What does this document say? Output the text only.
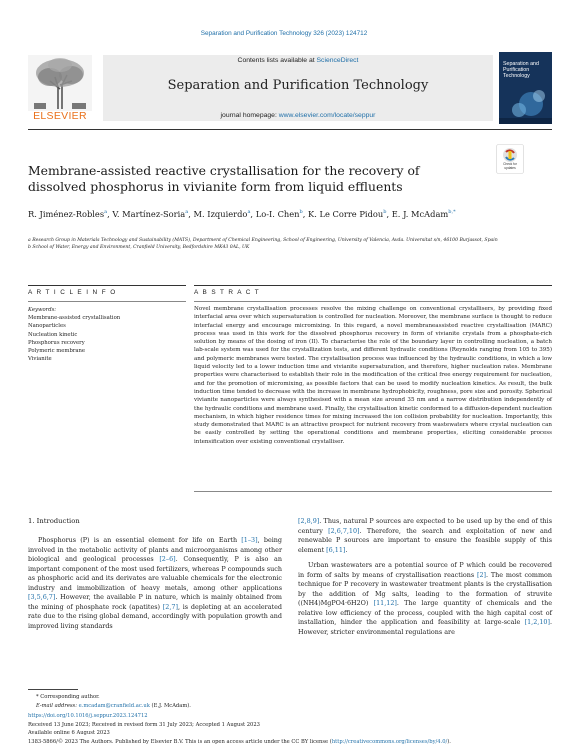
Separation and Purification Technology 326 (2023) 124712
ELSEVIER
Contents lists available at ScienceDirect
Separation and Purification Technology
journal homepage: www.elsevier.com/locate/seppur
Separation and Purification Technology
Membrane-assisted reactive crystallisation for the recovery of dissolved phosphorus in vivianite form from liquid effluents
Check for updates
R. Jiménez-Robles$^a$, V. Martínez-Soria$^a$, M. Izquierdo$^a$, Lo-I. Chen$^b$, K. Le Corre Pidou$^b$, E. J. McAdam$^{b,*}$
a Research Group in Materials Technology and Sustainability (MATS), Department of Chemical Engineering, School of Engineering, University of Valencia, Avda. Universitat s/n, 46100 Burjassot, Spain
b School of Water, Energy and Environment, Cranfield University, Bedfordshire MK43 0AL, UK
A R T I C L E I N F O	A B S T R A C T
Keywords:
Membrane-assisted crystallisation
Nanoparticles
Nucleation kinetic
Phosphorus recovery
Polymeric membrane
Vivianite
Novel membrane crystallisation processes resolve the mixing challenge on conventional crystallisers, by providing fixed interfacial area over which supersaturation is controlled for nucleation. Moreover, the membrane surface is thought to reduce interfacial energy and encourage micromixing. In this regard, a novel membraneassisted reactive crystallisation (MARC) process was used in this work for the dissolved phosphorus recovery in form of vivianite crystals from a phosphate-rich solution by means of the dosing of iron (II). To characterise the role of the boundary layer in controlling nucleation, a batch lab-scale system was used for the crystallization tests, and different hydraulic conditions (Reynolds ranging from 105 to 395) and polymeric membranes were tested. The crystallisation process was influenced by the hydraulic conditions, in which a low liquid velocity led to a lower induction time and vivianite supersaturation, and therefore, higher nucleation rates. Membrane properties were characterised to establish their role in the modification of the critical free energy requirement for nucleation, and for the promotion of micromixing, as possible factors that can be used to modify nucleation kinetics. As result, the bulk induction time tended to decrease with the increase in membrane hydrophobicity, roughness, pore size and porosity. Spherical vivianite nanoparticles were always synthesised with a mean size around 35 nm and a narrow distribution independently of the hydraulic conditions and membrane used. Finally, the crystallisation kinetic conformed to a diffusion-dependent nucleation mechanism, in which higher residence times for mixing increased the ion collision probability for nucleation. Importantly, this study demonstrated that MARC is an attractive prospect for nutrient recovery from wastewaters where crystal nucleation can be easily controlled by setting the operational conditions and membrane properties, eliciting considerable process intensification over existing conventional crystalliser.
1. Introduction

Phosphorus (P) is an essential element for life on Earth [1–3], being involved in the metabolic activity of plants and microorganisms among other biological and geological processes [2–6]. Consequently, P is also an important component of the most used fertilizers, whereas P compounds such as phosphoric acid and its derivates are valuable chemicals for the electronic industry and immobilization of heavy metals, among other applications [3,5,6,7]. However, the available P in nature, which is mainly obtained from the mining of phosphate rock (apatites) [2,7], is depleting at an accelerated rate due to the rising global demand, accordingly with population growth and improved living standards

[2,8,9]. Thus, natural P sources are expected to be used up by the end of this century [2,6,7,10]. Therefore, the search and exploitation of new and renewable P sources are important to ensure the feasible supply of this element [6,11].

Urban wastewaters are a potential source of P which could be recovered in form of salts by means of crystallisation reactions [2]. The most common technique for P recovery in wastewater treatment plants is the crystallisation by the addition of Mg salts, leading to the formation of struvite ((NH4)MgPO4·6H2O) [11,12]. The large quantity of chemicals and the relative low efficiency of the process, coupled with the high capital cost of installation, hinder the application and feasibility at large-scale [1,2,10]. However, stricter environmental regulations are

* Corresponding author.
E-mail address: e.mcadam@cranfield.ac.uk (E.J. McAdam).
https://doi.org/10.1016/j.seppur.2023.124712
Received 13 June 2023; Received in revised form 31 July 2023; Accepted 1 August 2023
Available online 6 August 2023
1383-5866/© 2023 The Authors. Published by Elsevier B.V. This is an open access article under the CC BY license (http://creativecommons.org/licenses/by/4.0/).
